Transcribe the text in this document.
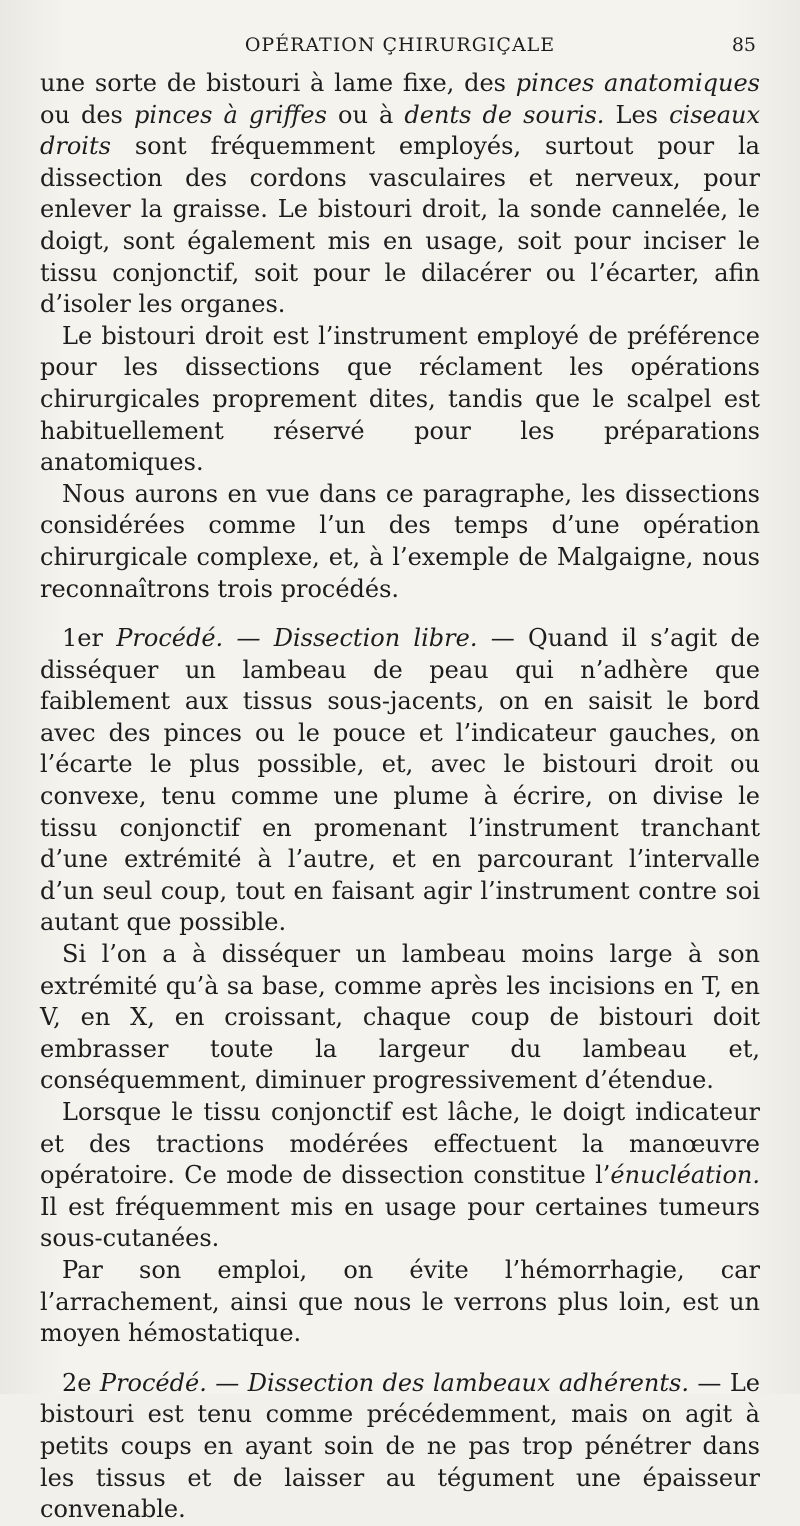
OPÉRATION ÇHIRURGIÇALE	85

une sorte de bistouri à lame fixe, des pinces anatomiques ou des pinces à griffes ou à dents de souris. Les ciseaux droits sont fréquemment employés, surtout pour la dissection des cordons vasculaires et nerveux, pour enlever la graisse. Le bistouri droit, la sonde cannelée, le doigt, sont également mis en usage, soit pour inciser le tissu conjonctif, soit pour le dilacérer ou l’écarter, afin d’isoler les organes.

Le bistouri droit est l’instrument employé de préférence pour les dissections que réclament les opérations chirurgicales proprement dites, tandis que le scalpel est habituellement réservé pour les préparations anatomiques.

Nous aurons en vue dans ce paragraphe, les dissections considérées comme l’un des temps d’une opération chirurgicale complexe, et, à l’exemple de Malgaigne, nous reconnaîtrons trois procédés.

1er Procédé. — Dissection libre. — Quand il s’agit de disséquer un lambeau de peau qui n’adhère que faiblement aux tissus sous-jacents, on en saisit le bord avec des pinces ou le pouce et l’indicateur gauches, on l’écarte le plus possible, et, avec le bistouri droit ou convexe, tenu comme une plume à écrire, on divise le tissu conjonctif en promenant l’instrument tranchant d’une extrémité à l’autre, et en parcourant l’intervalle d’un seul coup, tout en faisant agir l’instrument contre soi autant que possible.

Si l’on a à disséquer un lambeau moins large à son extrémité qu’à sa base, comme après les incisions en T, en V, en X, en croissant, chaque coup de bistouri doit embrasser toute la largeur du lambeau et, conséquemment, diminuer progressivement d’étendue.

Lorsque le tissu conjonctif est lâche, le doigt indicateur et des tractions modérées effectuent la manœuvre opératoire. Ce mode de dissection constitue l’énucléation. Il est fréquemment mis en usage pour certaines tumeurs sous-cutanées.

Par son emploi, on évite l’hémorrhagie, car l’arrachement, ainsi que nous le verrons plus loin, est un moyen hémostatique.

2e Procédé. — Dissection des lambeaux adhérents. — Le bistouri est tenu comme précédemment, mais on agit à petits coups en ayant soin de ne pas trop pénétrer dans les tissus et de laisser au tégument une épaisseur convenable.
